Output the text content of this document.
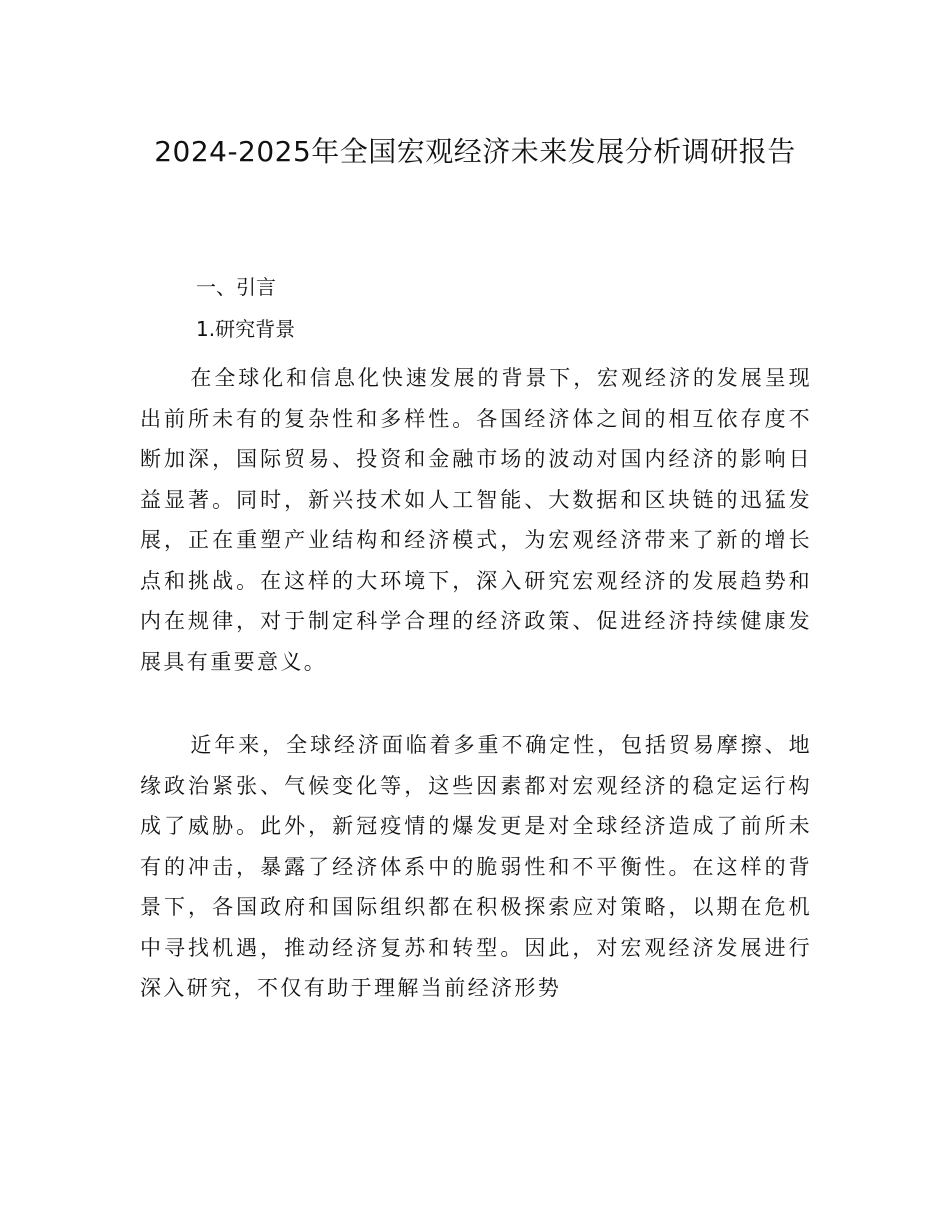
2024-2025年全国宏观经济未来发展分析调研报告
一、引言
1.研究背景

在全球化和信息化快速发展的背景下，宏观经济的发展呈现出前所未有的复杂性和多样性。各国经济体之间的相互依存度不断加深，国际贸易、投资和金融市场的波动对国内经济的影响日益显著。同时，新兴技术如人工智能、大数据和区块链的迅猛发展，正在重塑产业结构和经济模式，为宏观经济带来了新的增长点和挑战。在这样的大环境下，深入研究宏观经济的发展趋势和内在规律，对于制定科学合理的经济政策、促进经济持续健康发展具有重要意义。

近年来，全球经济面临着多重不确定性，包括贸易摩擦、地缘政治紧张、气候变化等，这些因素都对宏观经济的稳定运行构成了威胁。此外，新冠疫情的爆发更是对全球经济造成了前所未有的冲击，暴露了经济体系中的脆弱性和不平衡性。在这样的背景下，各国政府和国际组织都在积极探索应对策略，以期在危机中寻找机遇，推动经济复苏和转型。因此，对宏观经济发展进行深入研究，不仅有助于理解当前经济形势
